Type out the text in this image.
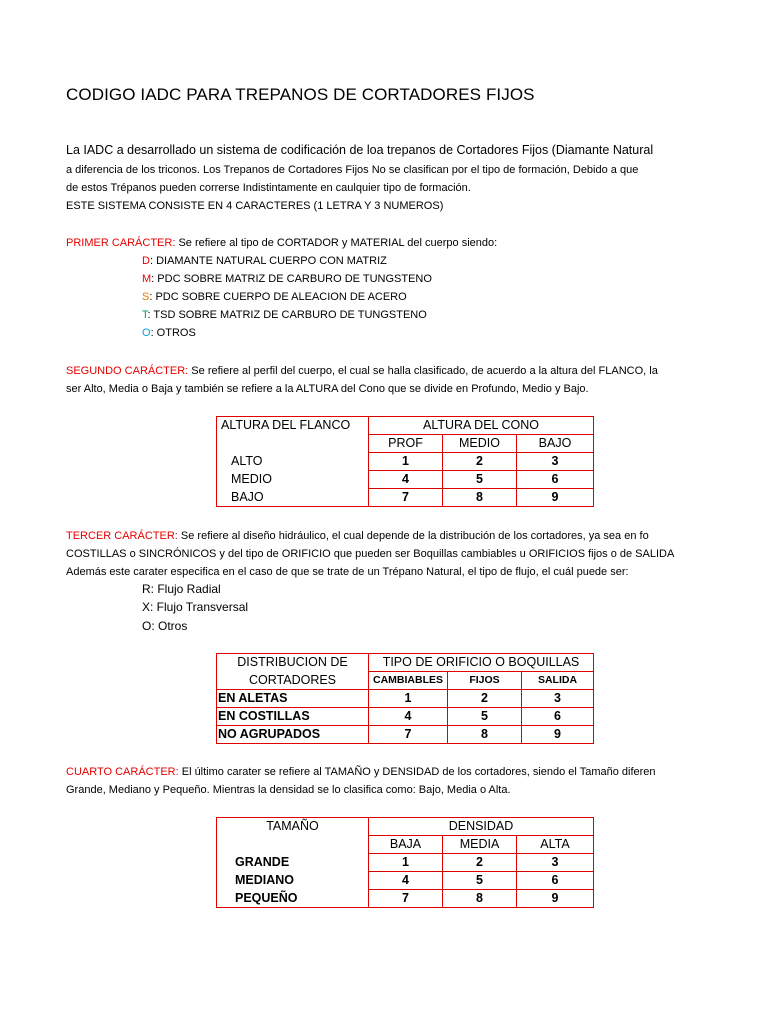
CODIGO IADC PARA TREPANOS DE CORTADORES FIJOS
La IADC a desarrollado un sistema de codificación de loa trepanos de Cortadores Fijos (Diamante Natural
a diferencia de los triconos. Los Trepanos de Cortadores Fijos No se clasifican por el tipo de formación, Debido a que
de estos Trépanos pueden correrse Indistintamente en caulquier tipo de formación.
ESTE SISTEMA CONSISTE EN 4 CARACTERES (1 LETRA Y 3 NUMEROS)
PRIMER CARÁCTER: Se refiere al tipo de CORTADOR y MATERIAL del cuerpo siendo:
D: DIAMANTE NATURAL CUERPO CON MATRIZ
M: PDC SOBRE MATRIZ DE CARBURO DE TUNGSTENO
S: PDC SOBRE CUERPO DE ALEACION DE ACERO
T: TSD SOBRE MATRIZ DE CARBURO DE TUNGSTENO
O: OTROS
SEGUNDO CARÁCTER: Se refiere al perfil del cuerpo, el cual se halla clasificado, de acuerdo a la altura del FLANCO, la
ser Alto, Media o Baja y también se refiere a la ALTURA del Cono que se divide en Profundo, Medio y Bajo.
ALTURA DEL FLANCO	ALTURA DEL CONO		
	PROF	MEDIO	BAJO
ALTO	1	2	3
MEDIO	4	5	6
BAJO	7	8	9
TERCER CARÁCTER: Se refiere al diseño hidráulico, el cual depende de la distribución de los cortadores, ya sea en fo
COSTILLAS o SINCRÓNICOS y del tipo de ORIFICIO que pueden ser Boquillas cambiables u ORIFICIOS fijos o de SALIDA
Además este carater especifica en el caso de que se trate de un Trépano Natural, el tipo de flujo, el cuál puede ser:
R: Flujo Radial
X: Flujo Transversal
O: Otros
DISTRIBUCION DE	TIPO DE ORIFICIO O BOQUILLAS		
CORTADORES	CAMBIABLES	FIJOS	SALIDA
EN ALETAS	1	2	3
EN COSTILLAS	4	5	6
NO AGRUPADOS	7	8	9
CUARTO CARÁCTER: El último carater se refiere al TAMAÑO y DENSIDAD de los cortadores, siendo el Tamaño diferen
Grande, Mediano y Pequeño. Mientras la densidad se lo clasifica como: Bajo, Media o Alta.
TAMAÑO	DENSIDAD		
	BAJA	MEDIA	ALTA
GRANDE	1	2	3
MEDIANO	4	5	6
PEQUEÑO	7	8	9
